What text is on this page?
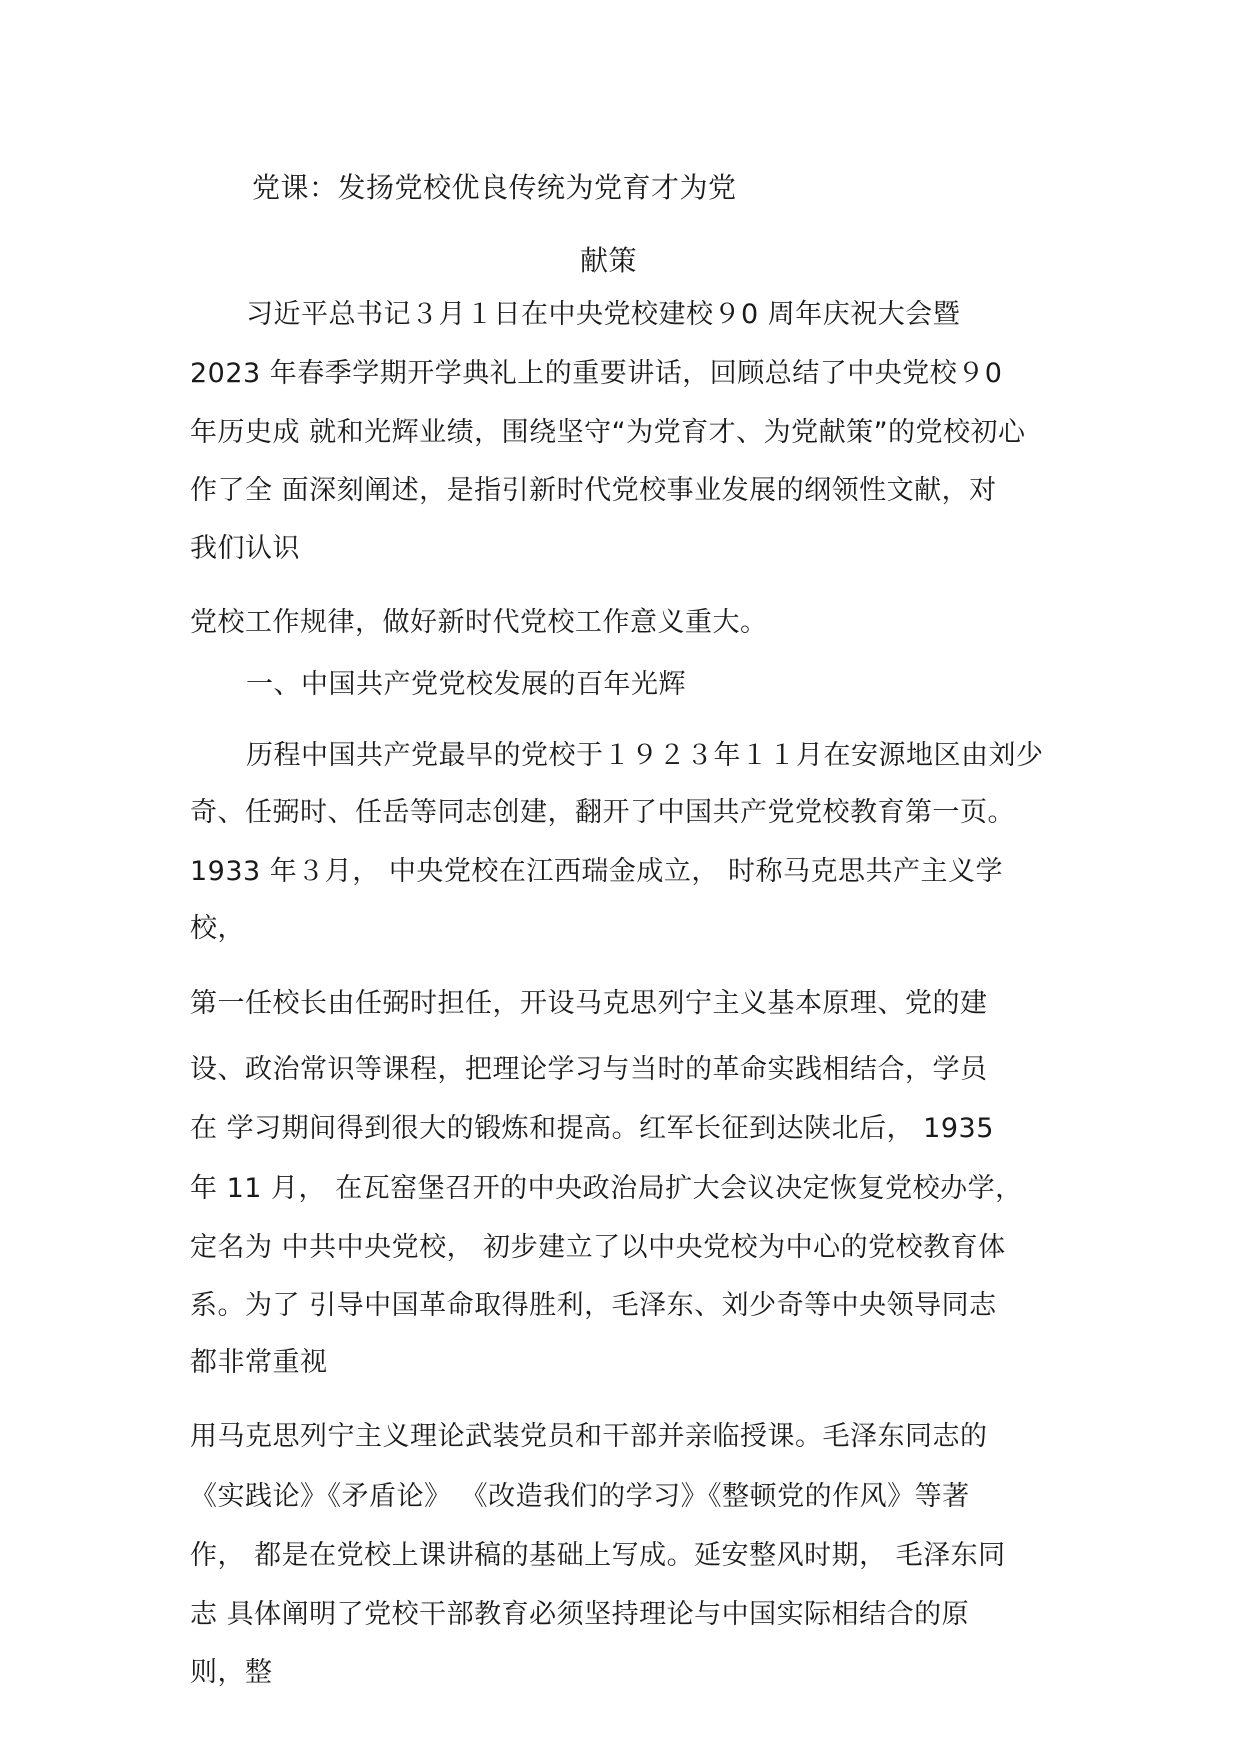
党课：发扬党校优良传统为党育才为党
献策
习近平总书记３月１日在中央党校建校９0 周年庆祝大会暨
2023 年春季学期开学典礼上的重要讲话，回顾总结了中央党校９0
年历史成 就和光辉业绩，围绕坚守“为党育才、为党献策”的党校初心
作了全 面深刻阐述，是指引新时代党校事业发展的纲领性文献，对
我们认识
党校工作规律，做好新时代党校工作意义重大。
一、中国共产党党校发展的百年光辉
历程中国共产党最早的党校于１９２３年１１月在安源地区由刘少
奇、任弼时、任岳等同志创建，翻开了中国共产党党校教育第一页。
1933 年３月， 中央党校在江西瑞金成立， 时称马克思共产主义学
校，
第一任校长由任弼时担任，开设马克思列宁主义基本原理、党的建
设、政治常识等课程，把理论学习与当时的革命实践相结合，学员
在 学习期间得到很大的锻炼和提高。红军长征到达陕北后， 1935
年 11 月， 在瓦窑堡召开的中央政治局扩大会议决定恢复党校办学，
定名为 中共中央党校， 初步建立了以中央党校为中心的党校教育体
系。为了 引导中国革命取得胜利，毛泽东、刘少奇等中央领导同志
都非常重视
用马克思列宁主义理论武装党员和干部并亲临授课。毛泽东同志的
《实践论》《矛盾论》 《改造我们的学习》《整顿党的作风》等著
作， 都是在党校上课讲稿的基础上写成。延安整风时期， 毛泽东同
志 具体阐明了党校干部教育必须坚持理论与中国实际相结合的原
则，整
